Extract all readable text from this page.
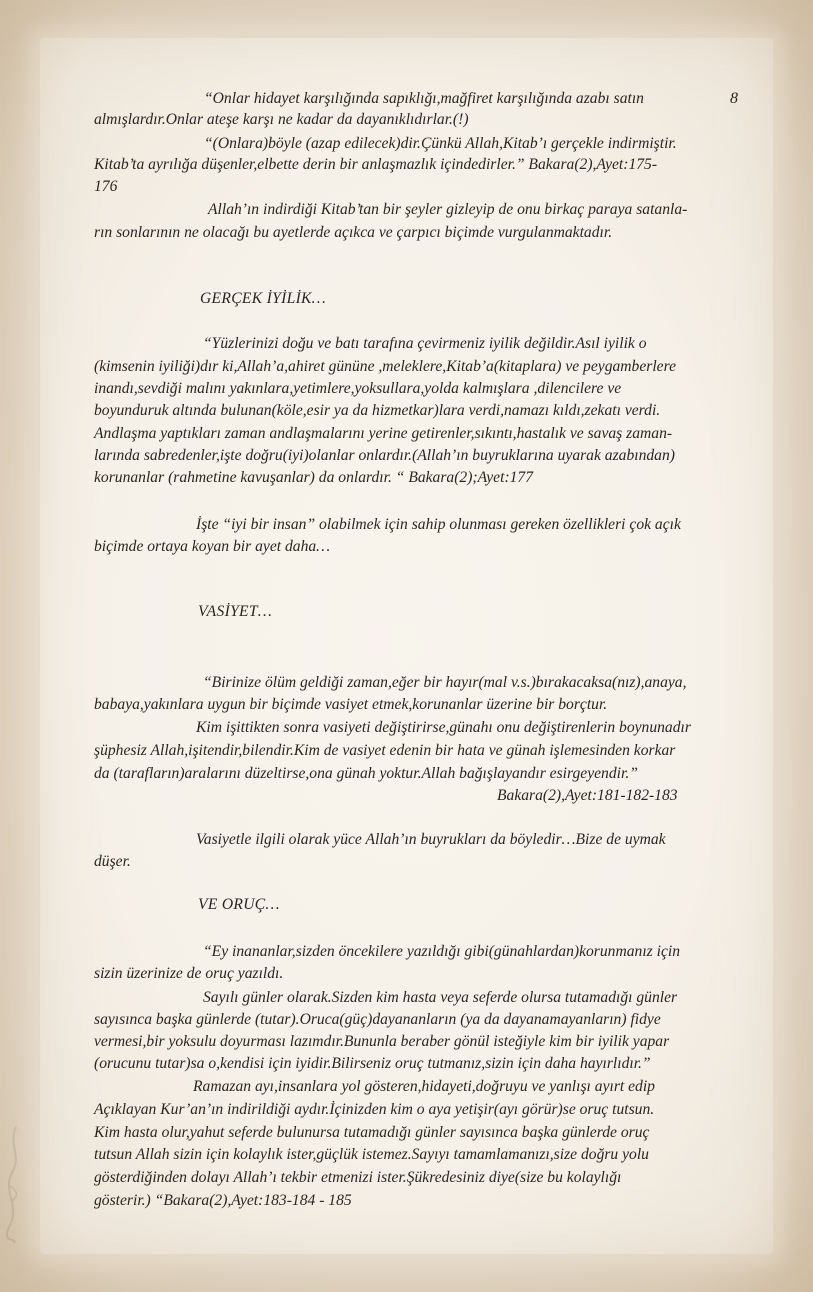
8
“Onlar hidayet karşılığında sapıklığı,mağfiret karşılığında azabı satın
almışlardır.Onlar ateşe karşı ne kadar da dayanıklıdırlar.(!)
“(Onlara)böyle (azap edilecek)dir.Çünkü Allah,Kitab’ı gerçekle indirmiştir.
Kitab’ta ayrılığa düşenler,elbette derin bir anlaşmazlık içindedirler.” Bakara(2),Ayet:175-
176
Allah’ın indirdiği Kitab’tan bir şeyler gizleyip de onu birkaç paraya satanla-
rın sonlarının ne olacağı bu ayetlerde açıkca ve çarpıcı biçimde vurgulanmaktadır.
GERÇEK İYİLİK…
“Yüzlerinizi doğu ve batı tarafına çevirmeniz iyilik değildir.Asıl iyilik o
(kimsenin iyiliği)dır ki,Allah’a,ahiret gününe ,meleklere,Kitab’a(kitaplara) ve peygamberlere
inandı,sevdiği malını yakınlara,yetimlere,yoksullara,yolda kalmışlara ,dilencilere ve
boyunduruk altında bulunan(köle,esir ya da hizmetkar)lara verdi,namazı kıldı,zekatı verdi.
Andlaşma yaptıkları zaman andlaşmalarını yerine getirenler,sıkıntı,hastalık ve savaş zaman-
larında sabredenler,işte doğru(iyi)olanlar onlardır.(Allah’ın buyruklarına uyarak azabından)
korunanlar (rahmetine kavuşanlar) da onlardır. “ Bakara(2);Ayet:177
İşte “iyi bir insan” olabilmek için sahip olunması gereken özellikleri çok açık
biçimde ortaya koyan bir ayet daha…
VASİYET…
“Birinize ölüm geldiği zaman,eğer bir hayır(mal v.s.)bırakacaksa(nız),anaya,
babaya,yakınlara uygun bir biçimde vasiyet etmek,korunanlar üzerine bir borçtur.
Kim işittikten sonra vasiyeti değiştirirse,günahı onu değiştirenlerin boynunadır
şüphesiz Allah,işitendir,bilendir.Kim de vasiyet edenin bir hata ve günah işlemesinden korkar
da (tarafların)aralarını düzeltirse,ona günah yoktur.Allah bağışlayandır esirgeyendir.”
Bakara(2),Ayet:181-182-183
Vasiyetle ilgili olarak yüce Allah’ın buyrukları da böyledir…Bize de uymak
düşer.
VE ORUÇ…
“Ey inananlar,sizden öncekilere yazıldığı gibi(günahlardan)korunmanız için
sizin üzerinize de oruç yazıldı.
Sayılı günler olarak.Sizden kim hasta veya seferde olursa tutamadığı günler
sayısınca başka günlerde (tutar).Oruca(güç)dayananların (ya da dayanamayanların) fidye
vermesi,bir yoksulu doyurması lazımdır.Bununla beraber gönül isteğiyle kim bir iyilik yapar
(orucunu tutar)sa o,kendisi için iyidir.Bilirseniz oruç tutmanız,sizin için daha hayırlıdır.”
Ramazan ayı,insanlara yol gösteren,hidayeti,doğruyu ve yanlışı ayırt edip
Açıklayan Kur’an’ın indirildiği aydır.İçinizden kim o aya yetişir(ayı görür)se oruç tutsun.
Kim hasta olur,yahut seferde bulunursa tutamadığı günler sayısınca başka günlerde oruç
tutsun Allah sizin için kolaylık ister,güçlük istemez.Sayıyı tamamlamanızı,size doğru yolu
gösterdiğinden dolayı Allah’ı tekbir etmenizi ister.Şükredesiniz diye(size bu kolaylığı
gösterir.) “Bakara(2),Ayet:183-184 - 185
